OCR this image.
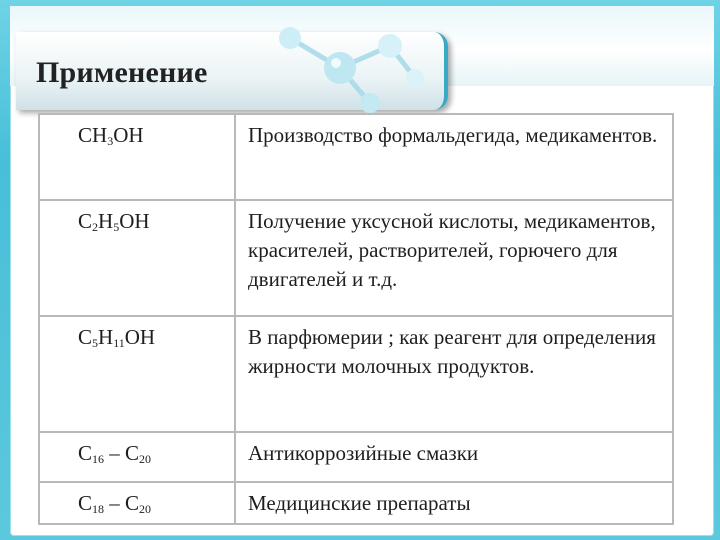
Применение
$CH_3OH$	Производство формальдегида, медикаментов.
$C_2H_5OH$	Получение уксусной кислоты, медикаментов, красителей, растворителей, горючего для двигателей и т.д.
$C_5H_{11}OH$	В парфюмерии ; как реагент для определения жирности молочных продуктов.
$C_{16} - C_{20}$	Антикоррозийные смазки
$C_{18} - C_{20}$	Медицинские препараты
